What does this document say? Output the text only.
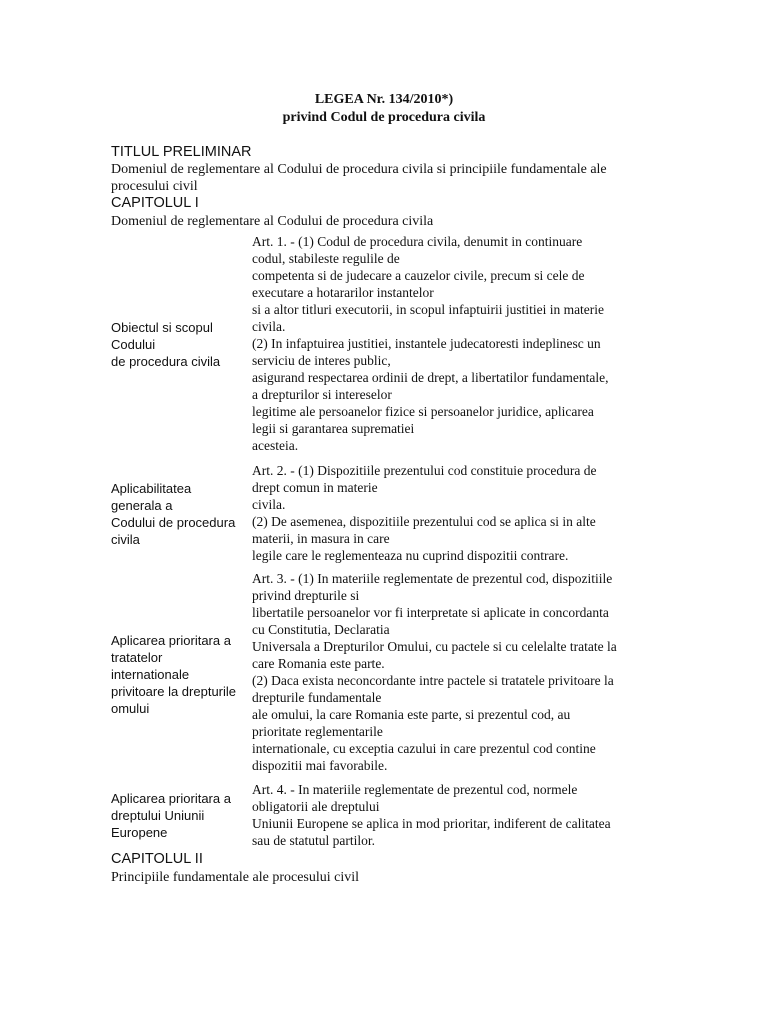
LEGEA Nr. 134/2010*)
privind Codul de procedura civila
TITLUL PRELIMINAR
Domeniul de reglementare al Codului de procedura civila si principiile fundamentale ale
procesului civil
CAPITOLUL I
Domeniul de reglementare al Codului de procedura civila
Obiectul si scopul
Codului
de procedura civila
Art. 1. - (1) Codul de procedura civila, denumit in continuare
codul, stabileste regulile de
competenta si de judecare a cauzelor civile, precum si cele de
executare a hotararilor instantelor
si a altor titluri executorii, in scopul infaptuirii justitiei in materie
civila.
(2) In infaptuirea justitiei, instantele judecatoresti indeplinesc un
serviciu de interes public,
asigurand respectarea ordinii de drept, a libertatilor fundamentale,
a drepturilor si intereselor
legitime ale persoanelor fizice si persoanelor juridice, aplicarea
legii si garantarea suprematiei
acesteia.
Aplicabilitatea
generala a
Codului de procedura
civila
Art. 2. - (1) Dispozitiile prezentului cod constituie procedura de
drept comun in materie
civila.
(2) De asemenea, dispozitiile prezentului cod se aplica si in alte
materii, in masura in care
legile care le reglementeaza nu cuprind dispozitii contrare.
Aplicarea prioritara a
tratatelor
internationale
privitoare la drepturile
omului
Art. 3. - (1) In materiile reglementate de prezentul cod, dispozitiile
privind drepturile si
libertatile persoanelor vor fi interpretate si aplicate in concordanta
cu Constitutia, Declaratia
Universala a Drepturilor Omului, cu pactele si cu celelalte tratate la
care Romania este parte.
(2) Daca exista neconcordante intre pactele si tratatele privitoare la
drepturile fundamentale
ale omului, la care Romania este parte, si prezentul cod, au
prioritate reglementarile
internationale, cu exceptia cazului in care prezentul cod contine
dispozitii mai favorabile.
Aplicarea prioritara a
dreptului Uniunii
Europene
Art. 4. - In materiile reglementate de prezentul cod, normele
obligatorii ale dreptului
Uniunii Europene se aplica in mod prioritar, indiferent de calitatea
sau de statutul partilor.
CAPITOLUL II
Principiile fundamentale ale procesului civil
